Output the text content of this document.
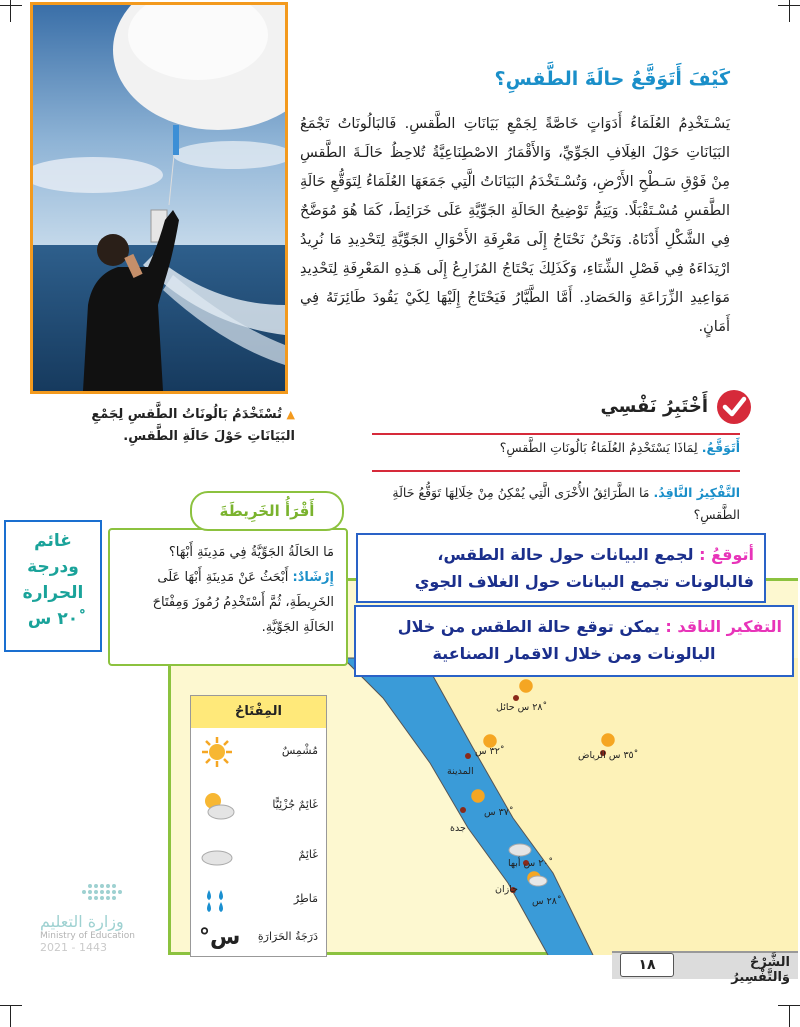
▲ تُسْتَخْدَمُ بَالُونَاتُ الطَّقسِ لِجَمْعِ البَيَانَاتِ حَوْلَ حَالَةِ الطَّقسِ.
كَيْفَ أَتَوَقَّعُ حالَةَ الطَّقسِ؟
يَسْـتَخْدِمُ العُلَمَاءُ أَدَوَاتٍ خَاصَّةً لِجَمْعِ بَيَانَاتِ الطَّقسِ. فَالبَالُونَاتُ تَجْمَعُ البَيَانَاتِ حَوْلَ الغِلَافِ الجَوِّيِّ، وَالأَقْمَارُ الاصْطِنَاعِيَّةُ تُلاحِظُ حَالَـةَ الطَّقسِ مِنْ فَوْقِ سَـطْحِ الأَرْضِ، وَتُسْـتَخْدَمُ البَيَانَاتُ الَّتِي جَمَعَهَا العُلَمَاءُ لِتَوَقُّعِ حَالَةِ الطَّقسِ مُسْـتَقْبَلًا. وَيَتِمُّ تَوْضِيحُ الحَالَةِ الجَوِّيَّةِ عَلَى خَرَائِطَ، كَمَا هُوَ مُوَضَّحٌ فِي الشَّكْلِ أَدْنَاهُ. وَنَحْنُ نَحْتَاجُ إِلَى مَعْرِفَةِ الأَحْوَالِ الجَوِّيَّةِ لِتَحْدِيدِ مَا نُرِيدُ ارْتِدَاءَهُ فِي فَصْلِ الشِّتَاءِ، وَكَذَلِكَ يَحْتَاجُ المُزَارِعُ إِلَى هَـذِهِ المَعْرِفَةِ لِتَحْدِيدِ مَوَاعِيدِ الزِّرَاعَةِ وَالحَصَادِ. أَمَّا الطَّيَّارُ فَيَحْتَاجُ إِلَيْهَا لِكَيْ يَقُودَ طَائِرَتَهُ فِي أَمَانٍ.
أَخْتَبِرُ نَفْسِي
أَتَوَقَّعُ. لِمَاذَا يَسْتَخْدِمُ العُلَمَاءُ بَالُونَاتِ الطَّقسِ؟
التَّفْكِيرُ النَّاقِدُ. مَا الطَّرَائِقُ الأُخْرَى الَّتِي يُمْكِنُ مِنْ خِلَالِهَا تَوَقُّعُ حَالَةِ الطَّقسِ؟
غائم
ودرجة
الحرارة
٢٠ْ س
٢٨ْ س حائل
٣٢ْ س
المدينة
٣٥ْ س الرياض
٣٧ْ س
جدة
٢٠ْ س أبها
جازان
٢٨ْ س
المِفْتَاحُ
مُشْمِسٌ
غَائِمٌ جُزْئِيًّا
غَائِمٌ
مَاطِرٌ
°س دَرَجَةُ الحَرَارَةِ
مَا الحَالَةُ الجَوِّيَّةُ فِي مَدِينَةِ أَبْهَا؟
إِرْشَادٌ: أَبْحَثُ عَنْ مَدِينَةِ أَبْهَا عَلَى الخَرِيطَةِ، ثُمَّ أَسْتَخْدِمُ رُمُوزَ وَمِفْتَاحَ الحَالَةِ الجَوِّيَّةِ.
أَقْرَأُ الخَرِيطَةَ
أتوقعُ : لجمع البيانات حول حالة الطقس،
فالبالونات تجمع البيانات حول الغلاف الجوي
التفكير الناقد : يمكن توقع حالة الطقس من خلال
البالونات ومن خلال الاقمار الصناعية
وزارة التعليم
Ministry of Education
2021 - 1443
الشَّرْحُ وَالتَّفْسِيرُ
١٨
